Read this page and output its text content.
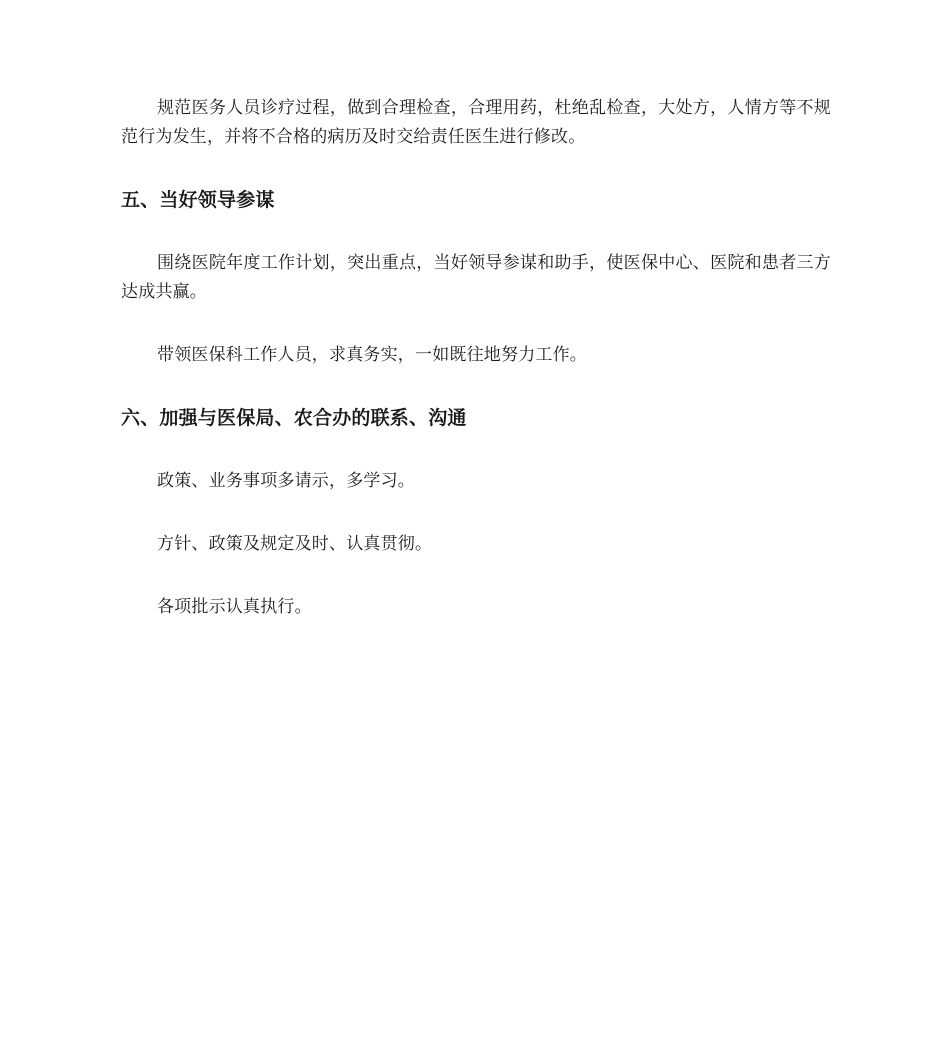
规范医务人员诊疗过程，做到合理检查，合理用药，杜绝乱检查，大处方，人情方等不规范行为发生，并将不合格的病历及时交给责任医生进行修改。

五、当好领导参谋

围绕医院年度工作计划，突出重点，当好领导参谋和助手，使医保中心、医院和患者三方达成共赢。

带领医保科工作人员，求真务实，一如既往地努力工作。

六、加强与医保局、农合办的联系、沟通

政策、业务事项多请示，多学习。

方针、政策及规定及时、认真贯彻。

各项批示认真执行。
